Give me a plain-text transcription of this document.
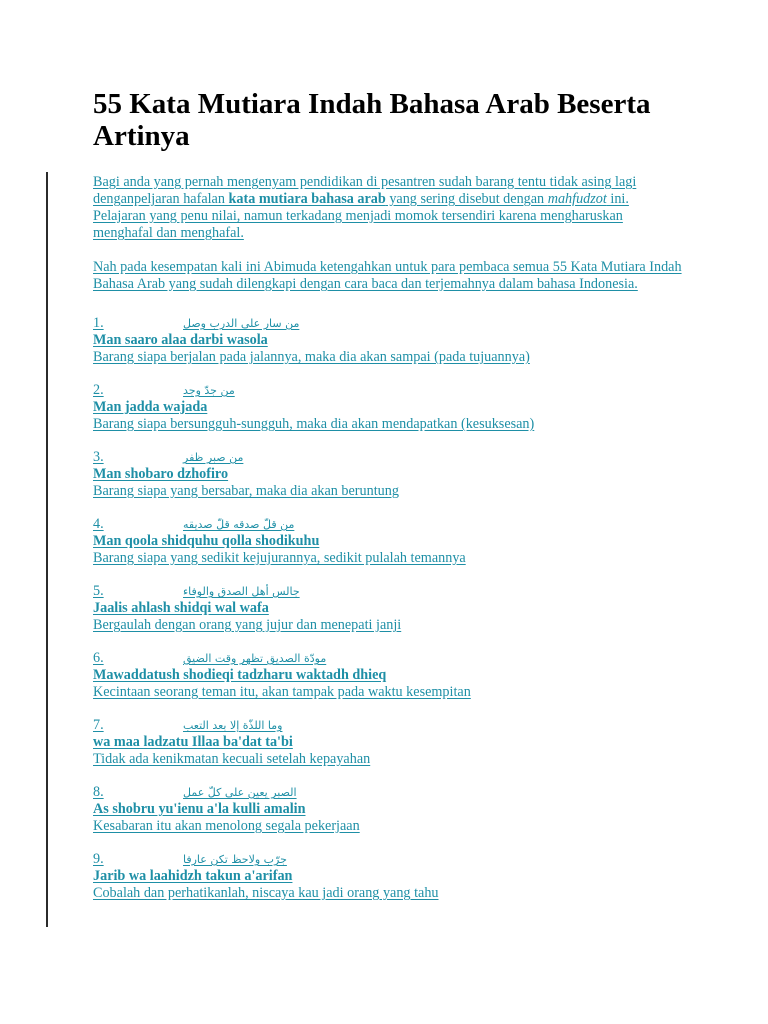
55 Kata Mutiara Indah Bahasa Arab Beserta Artinya

Bagi anda yang pernah mengenyam pendidikan di pesantren sudah barang tentu tidak asing lagi denganpeljaran hafalan kata mutiara bahasa arab yang sering disebut dengan mahfudzot ini. Pelajaran yang penu nilai, namun terkadang menjadi momok tersendiri karena mengharuskan menghafal dan menghafal.

Nah pada kesempatan kali ini Abimuda ketengahkan untuk para pembaca semua 55 Kata Mutiara Indah Bahasa Arab yang sudah dilengkapi dengan cara baca dan terjemahnya dalam bahasa Indonesia.

1.	من سار على الدرب وصل
Man saaro alaa darbi wasola
Barang siapa berjalan pada jalannya, maka dia akan sampai (pada tujuannya)
2.	من جدّ وجد
Man jadda wajada
Barang siapa bersungguh-sungguh, maka dia akan mendapatkan (kesuksesan)
3.	من صبر ظفر
Man shobaro dzhofiro
Barang siapa yang bersabar, maka dia akan beruntung
4.	من قلّ صدقه قلّ صديقه
Man qoola shidquhu qolla shodikuhu
Barang siapa yang sedikit kejujurannya, sedikit pulalah temannya
5.	جالس أهل الصدق والوفاء
Jaalis ahlash shidqi wal wafa
Bergaulah dengan orang yang jujur dan menepati janji
6.	مودّة الصديق تظهر وقت الضيق
Mawaddatush shodieqi tadzharu waktadh dhieq
Kecintaan seorang teman itu, akan tampak pada waktu kesempitan
7.	وما اللذّة إلا بعد التعب
wa maa ladzatu Illaa ba'dat ta'bi
Tidak ada kenikmatan kecuali setelah kepayahan
8.	الصبر يعين على كلّ عمل
As shobru yu'ienu a'la kulli amalin
Kesabaran itu akan menolong segala pekerjaan
9.	جرّب ولاحظ تكن عارفا
Jarib wa laahidzh takun a'arifan
Cobalah dan perhatikanlah, niscaya kau jadi orang yang tahu
